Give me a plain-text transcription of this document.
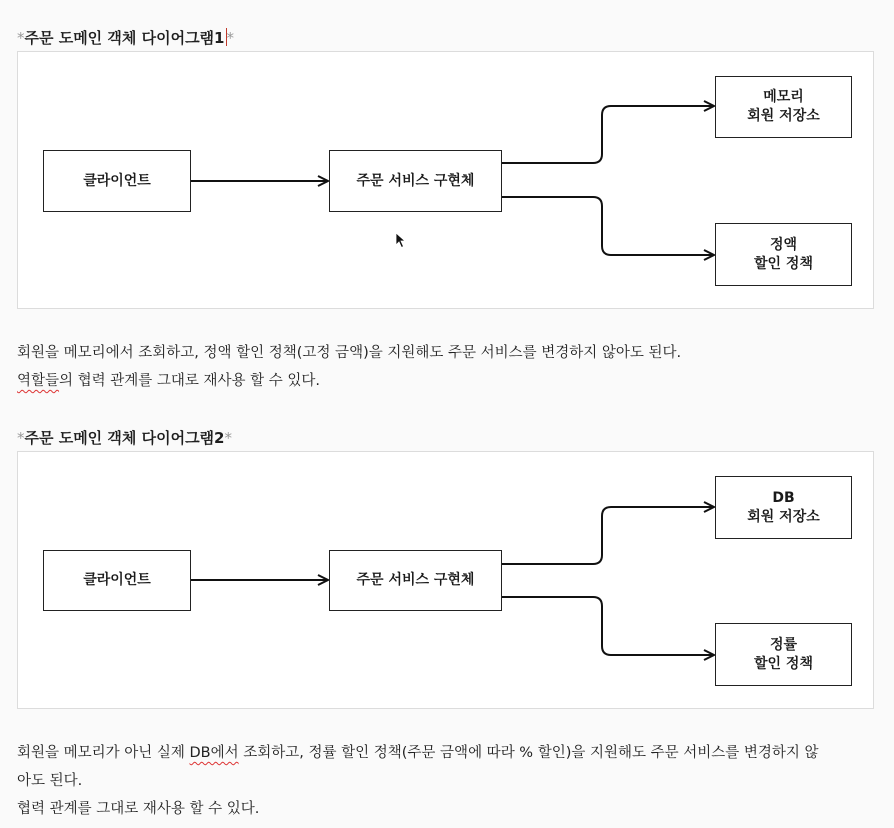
*주문 도메인 객체 다이어그램1 *
클라이언트	주문 서비스 구현체
메모리
회원 저장소
정액
할인 정책

회원을 메모리에서 조회하고, 정액 할인 정책(고정 금액)을 지원해도 주문 서비스를 변경하지 않아도 된다.

역할들의 협력 관계를 그대로 재사용 할 수 있다.

*주문 도메인 객체 다이어그램2*
클라이언트	주문 서비스 구현체
DB
회원 저장소
정률
할인 정책

회원을 메모리가 아닌 실제 DB에서 조회하고, 정률 할인 정책(주문 금액에 따라 % 할인)을 지원해도 주문 서비스를 변경하지 않

아도 된다.

협력 관계를 그대로 재사용 할 수 있다.
